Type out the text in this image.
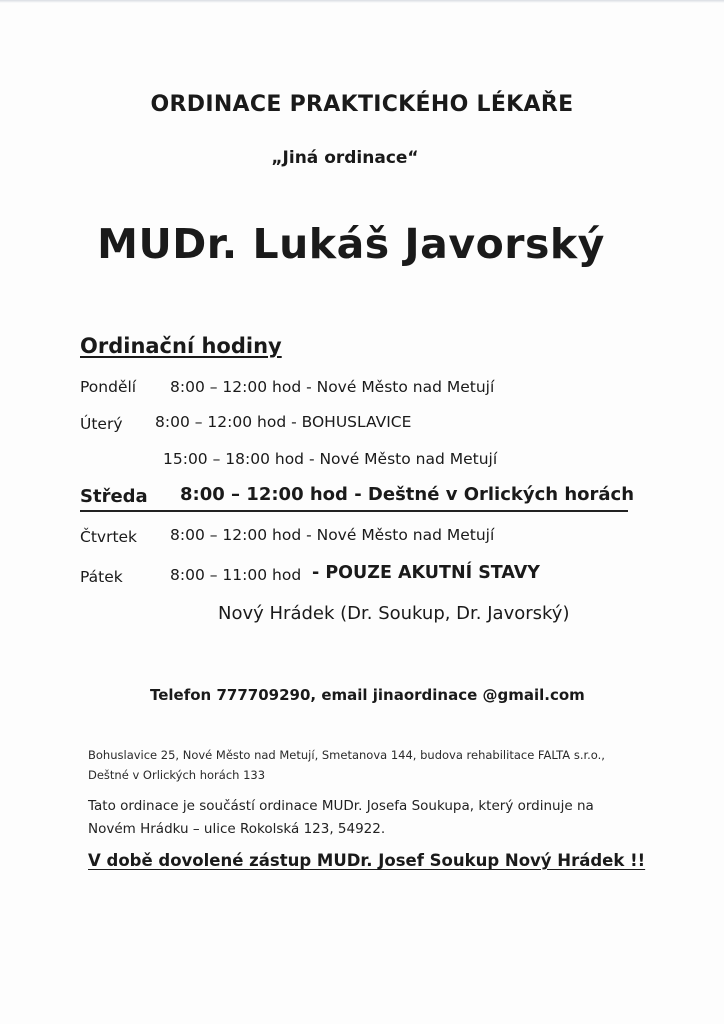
ORDINACE PRAKTICKÉHO LÉKAŘE
„Jiná ordinace“
MUDr. Lukáš Javorský
Ordinační hodiny
Pondělí 8:00 – 12:00 hod - Nové Město nad Metují
Úterý 8:00 – 12:00 hod - BOHUSLAVICE
15:00 – 18:00 hod - Nové Město nad Metují
Středa 8:00 – 12:00 hod - Deštné v Orlických horách
Čtvrtek 8:00 – 12:00 hod - Nové Město nad Metují
Pátek	8:00 – 11:00 hod - POUZE AKUTNÍ STAVY
Nový Hrádek (Dr. Soukup, Dr. Javorský)
Telefon 777709290, email jinaordinace @gmail.com
Bohuslavice 25, Nové Město nad Metují, Smetanova 144, budova rehabilitace FALTA s.r.o.,
Deštné v Orlických horách 133
Tato ordinace je součástí ordinace MUDr. Josefa Soukupa, který ordinuje na
Novém Hrádku – ulice Rokolská 123, 54922.
V době dovolené zástup MUDr. Josef Soukup Nový Hrádek !!
